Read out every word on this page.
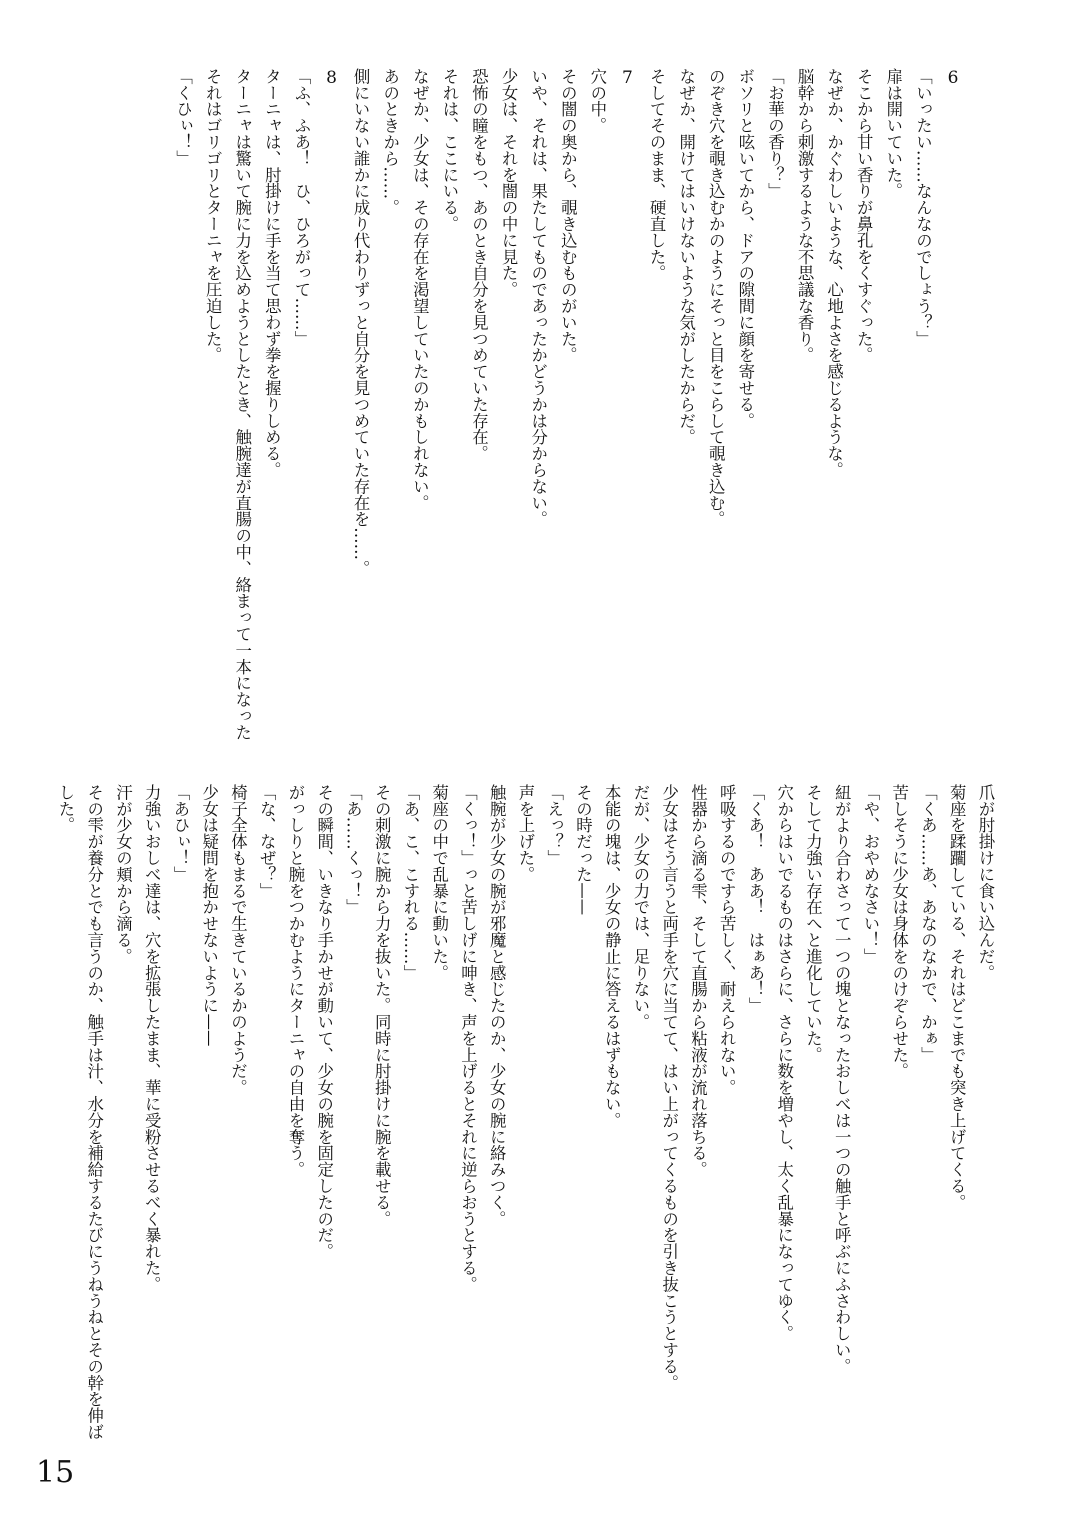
6

「いったい……なんなのでしょう？」

扉は開いていた。

そこから甘い香りが鼻孔をくすぐった。

なぜか、かぐわしいような、心地よさを感じるような。

脳幹から刺激するような不思議な香り。

「お華の香り？」

ボソリと呟いてから、ドアの隙間に顔を寄せる。

のぞき穴を覗き込むかのようにそっと目をこらして覗き込む。

なぜか、開けてはいけないような気がしたからだ。

そしてそのまま、硬直した。

7

穴の中。

その闇の奥から、覗き込むものがいた。

いや、それは、果たしてものであったかどうかは分からない。

少女は、それを闇の中に見た。

恐怖の瞳をもつ、あのとき自分を見つめていた存在。

それは、ここにいる。

なぜか、少女は、その存在を渇望していたのかもしれない。

あのときから……。

側にいない誰かに成り代わりずっと自分を見つめていた存在を……。

8

「ふ、ふあ！　ひ、ひろがって……」

ターニャは、肘掛けに手を当て思わず拳を握りしめる。

ターニャは驚いて腕に力を込めようとしたとき、触腕達が直腸の中、絡まって一本になった

それはゴリゴリとターニャを圧迫した。

「くひぃ！」

爪が肘掛けに食い込んだ。

菊座を蹂躙している、それはどこまでも突き上げてくる。

「くあ……あ、あなのなかで、かぁ」

苦しそうに少女は身体をのけぞらせた。

「や、おやめなさい！」

紐がより合わさって一つの塊となったおしべは一つの触手と呼ぶにふさわしい。

そして力強い存在へと進化していた。

穴からはいでるものはさらに、さらに数を増やし、太く乱暴になってゆく。

「くあ！　ああ！　はぁあ！」

呼吸するのですら苦しく、耐えられない。

性器から滴る雫、そして直腸から粘液が流れ落ちる。

少女はそう言うと両手を穴に当てて、はい上がってくるものを引き抜こうとする。

だが、少女の力では、足りない。

本能の塊は、少女の静止に答えるはずもない。

その時だった——

「えっ？」

声を上げた。

触腕が少女の腕が邪魔と感じたのか、少女の腕に絡みつく。

「くっ！」っと苦しげに呻き、声を上げるとそれに逆らおうとする。

菊座の中で乱暴に動いた。

「あ、こ、こすれる……」

その刺激に腕から力を抜いた。同時に肘掛けに腕を載せる。

「あ……くっ！」

その瞬間、いきなり手かせが動いて、少女の腕を固定したのだ。

がっしりと腕をつかむようにターニャの自由を奪う。

「な、なぜ？」

椅子全体もまるで生きているかのようだ。

少女は疑問を抱かせないように——

「あひぃ！」

力強いおしべ達は、穴を拡張したまま、華に受粉させるべく暴れた。

汗が少女の頬から滴る。

その雫が養分とでも言うのか、触手は汁、水分を補給するたびにうねうねとその幹を伸ば

した。

15
